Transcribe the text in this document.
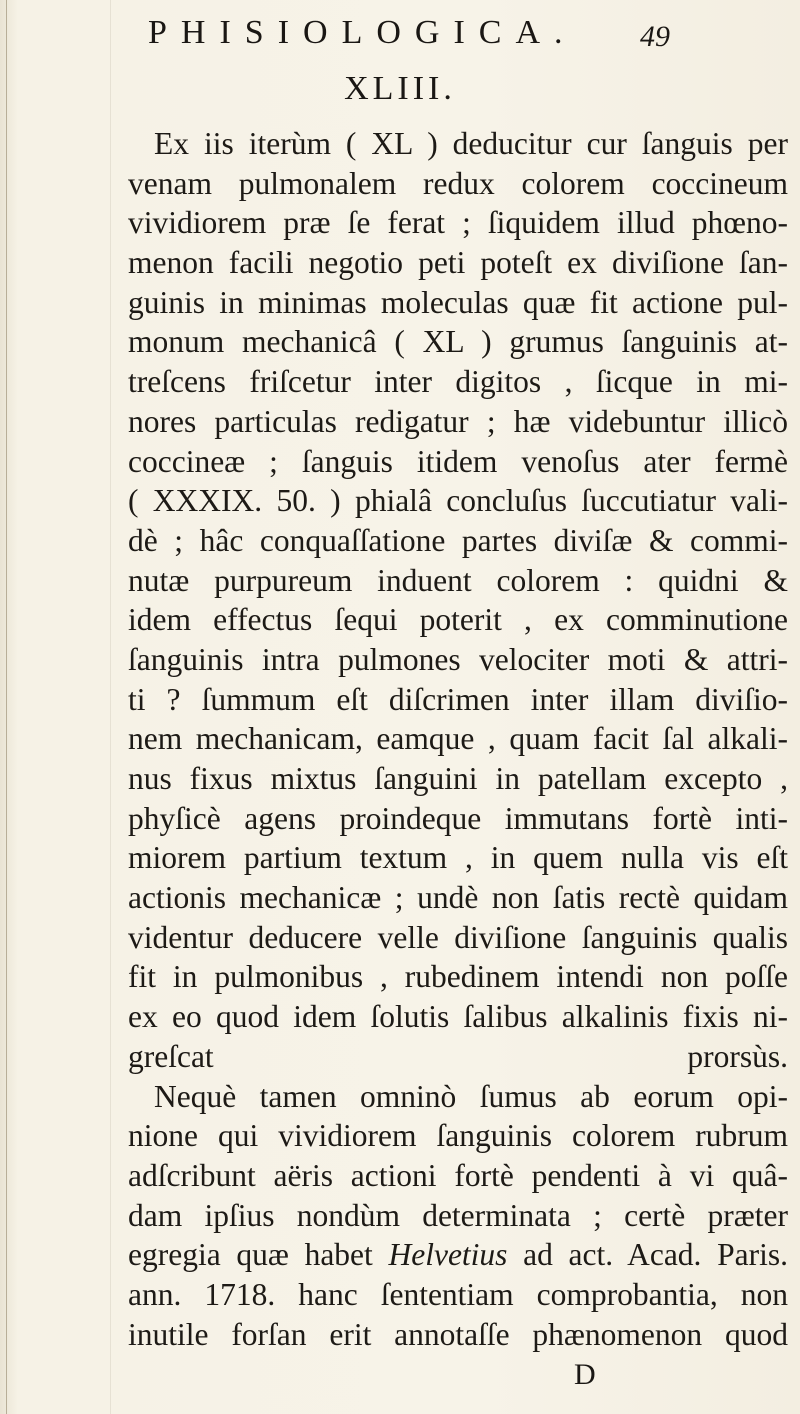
PHISIOLOGICA.	49
XLIII.
Ex iis iterùm ( XL ) deducitur cur ſanguis per
venam pulmonalem redux colorem coccineum
vividiorem præ ſe ferat ; ſiquidem illud phœno-
menon facili negotio peti poteſt ex diviſione ſan-
guinis in minimas moleculas quæ fit actione pul-
monum mechanicâ ( XL ) grumus ſanguinis at-
treſcens friſcetur inter digitos , ſicque in mi-
nores particulas redigatur ; hæ videbuntur illicò
coccineæ ; ſanguis itidem venoſus ater fermè
( XXXIX. 50. ) phialâ concluſus ſuccutiatur vali-
dè ; hâc conquaſſatione partes diviſæ & commi-
nutæ purpureum induent colorem : quidni &
idem effectus ſequi poterit , ex comminutione
ſanguinis intra pulmones velociter moti & attri-
ti ? ſummum eſt diſcrimen inter illam diviſio-
nem mechanicam, eamque , quam facit ſal alkali-
nus fixus mixtus ſanguini in patellam excepto ,
phyſicè agens proindeque immutans fortè inti-
miorem partium textum , in quem nulla vis eſt
actionis mechanicæ ; undè non ſatis rectè quidam
videntur deducere velle diviſione ſanguinis qualis
fit in pulmonibus , rubedinem intendi non poſſe
ex eo quod idem ſolutis ſalibus alkalinis fixis ni-
greſcat prorsùs.
Nequè tamen omninò ſumus ab eorum opi-
nione qui vividiorem ſanguinis colorem rubrum
adſcribunt aëris actioni fortè pendenti à vi quâ-
dam ipſius nondùm determinata ; certè præter
egregia quæ habet Helvetius ad act. Acad. Paris.
ann. 1718. hanc ſententiam comprobantia, non
inutile forſan erit annotaſſe phænomenon quod
D
